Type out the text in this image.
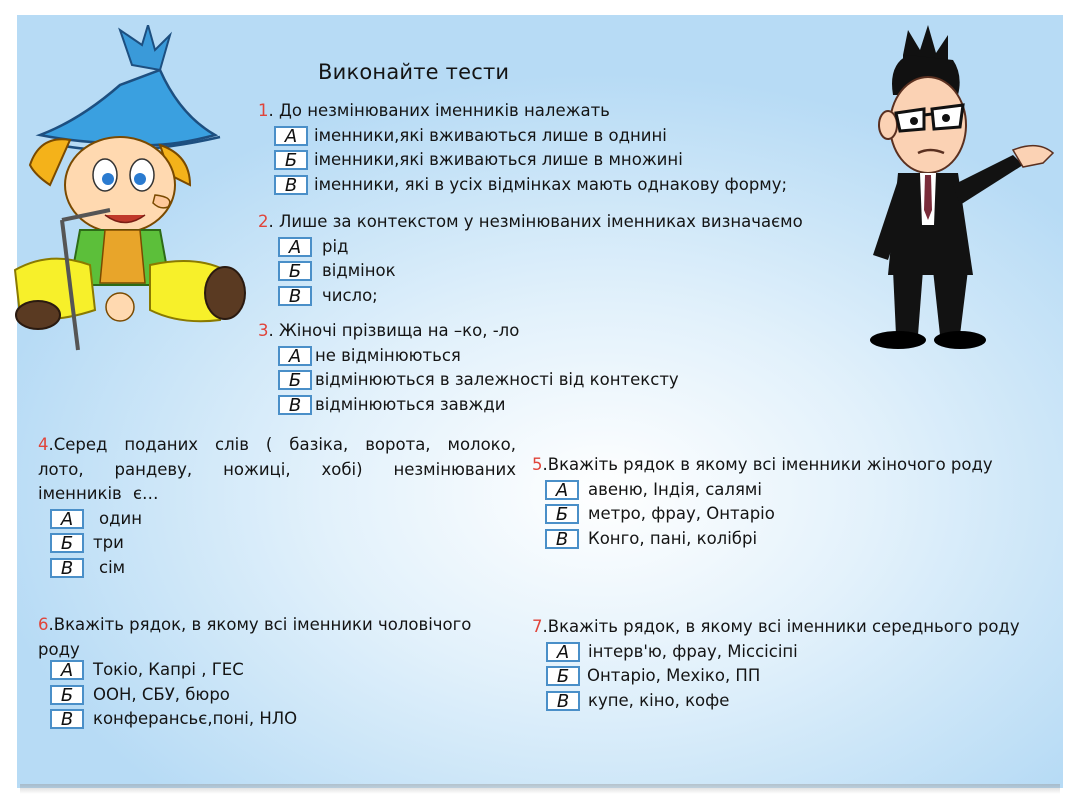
Виконайте тести
1. До незмінюваних іменників належать
А	іменники,які вживаються лише в однині
Б	іменники,які вживаються лише в множині
В	іменники, які в усіх відмінках мають однакову форму;
2. Лише за контекстом у незмінюваних іменниках визначаємо
А	рід
Б	відмінок
В	число;
3. Жіночі прізвища на –ко, -ло
А не відмінюються
Б відмінюються в залежності від контексту
В відмінюються завжди
4.Серед поданих слів ( базіка, ворота, молоко, лото, рандеву, ножиці, хобі) незмінюваних іменників є…
А	один
Б	три
В	сім
5.Вкажіть рядок в якому всі іменники жіночого роду
А	авеню, Індія, салямі
Б	метро, фрау, Онтаріо
В	Конго, пані, колібрі
6.Вкажіть рядок, в якому всі іменники чоловічого роду
А	Токіо, Капрі , ГЕС
Б	ООН, СБУ, бюро
В	конферансьє,поні, НЛО
7.Вкажіть рядок, в якому всі іменники середнього роду
А	інтерв'ю, фрау, Міссісіпі
Б	Онтаріо, Мехіко, ПП
В	купе, кіно, кофе
